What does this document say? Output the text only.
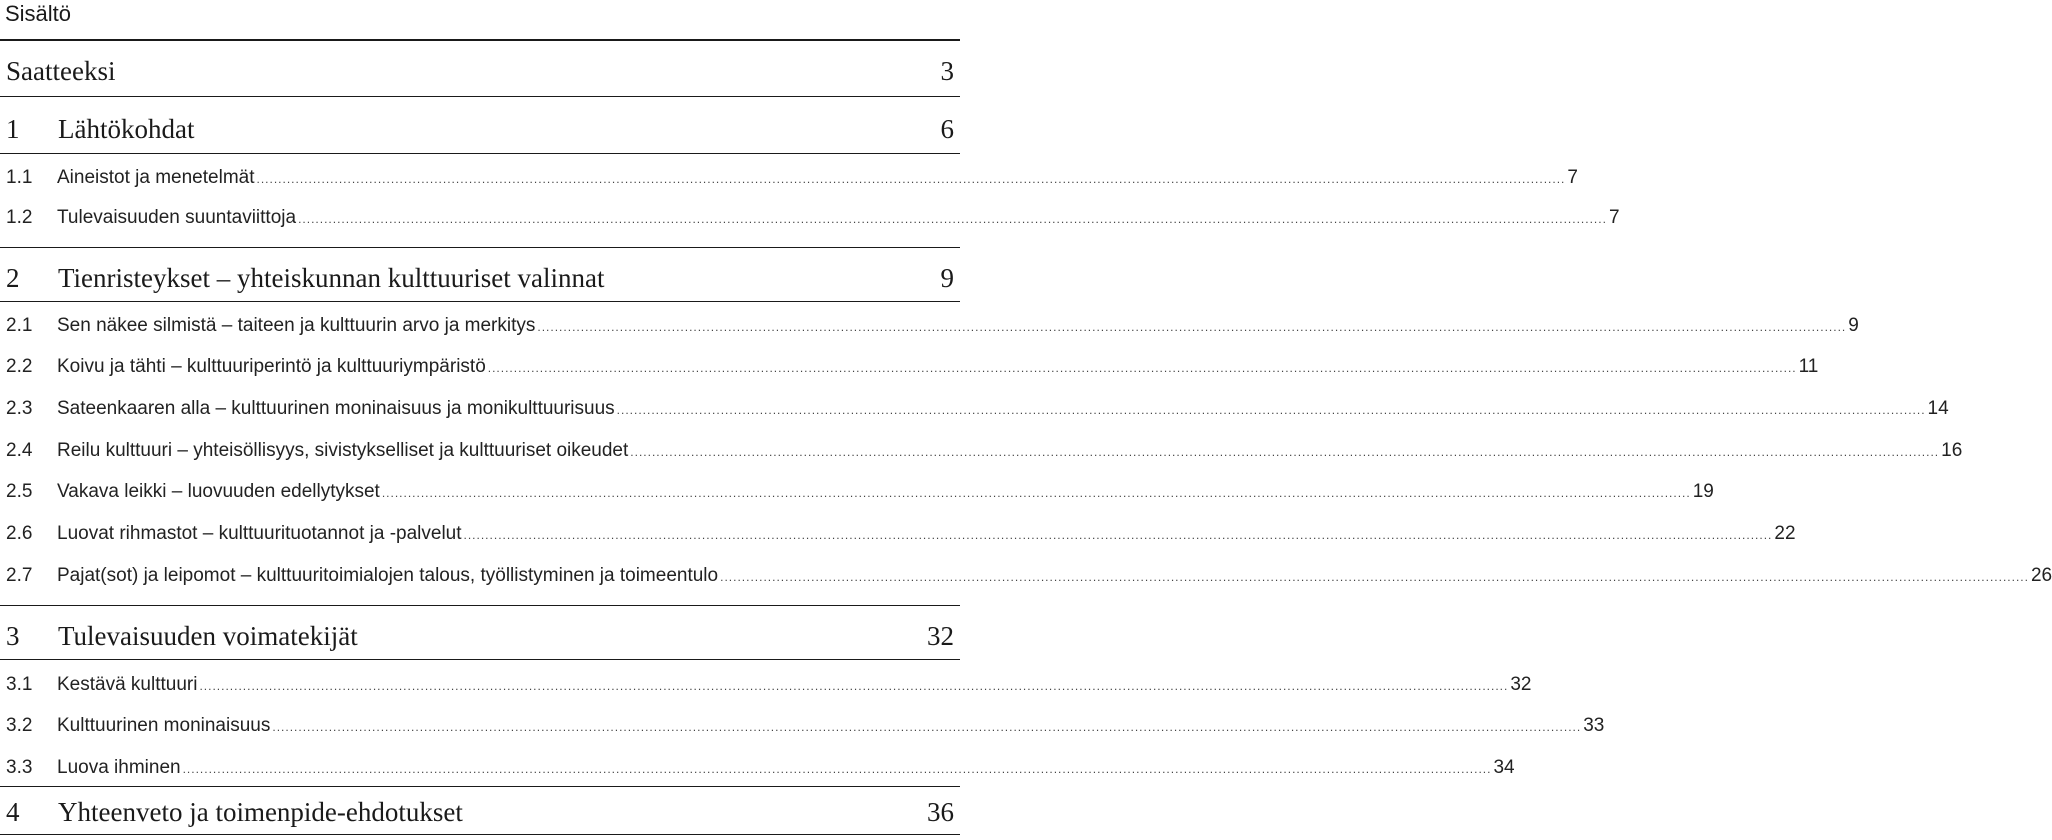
Sisältö
Saatteeksi	3
1	Lähtökohdat	6
1.1	Aineistot ja menetelmät .............................................................................................................................................................................................................................................................................................................. 7
1.2	Tulevaisuuden suuntaviittoja .............................................................................................................................................................................................................................................................................................................. 7
2	Tienristeykset – yhteiskunnan kulttuuriset valinnat	9
2.1	Sen näkee silmistä – taiteen ja kulttuurin arvo ja merkitys .............................................................................................................................................................................................................................................................................................................. 9
2.2	Koivu ja tähti – kulttuuriperintö ja kulttuuriympäristö .............................................................................................................................................................................................................................................................................................................. 11
2.3	Sateenkaaren alla – kulttuurinen moninaisuus ja monikulttuurisuus .............................................................................................................................................................................................................................................................................................................. 14
2.4	Reilu kulttuuri – yhteisöllisyys, sivistykselliset ja kulttuuriset oikeudet .............................................................................................................................................................................................................................................................................................................. 16
2.5	Vakava leikki – luovuuden edellytykset .............................................................................................................................................................................................................................................................................................................. 19
2.6	Luovat rihmastot – kulttuurituotannot ja -palvelut .............................................................................................................................................................................................................................................................................................................. 22
2.7	Pajat(sot) ja leipomot – kulttuuritoimialojen talous, työllistyminen ja toimeentulo .............................................................................................................................................................................................................................................................................................................. 26
3	Tulevaisuuden voimatekijät	32
3.1	Kestävä kulttuuri .............................................................................................................................................................................................................................................................................................................. 32
3.2	Kulttuurinen moninaisuus .............................................................................................................................................................................................................................................................................................................. 33
3.3	Luova ihminen .............................................................................................................................................................................................................................................................................................................. 34
4	Yhteenveto ja toimenpide-ehdotukset	36
